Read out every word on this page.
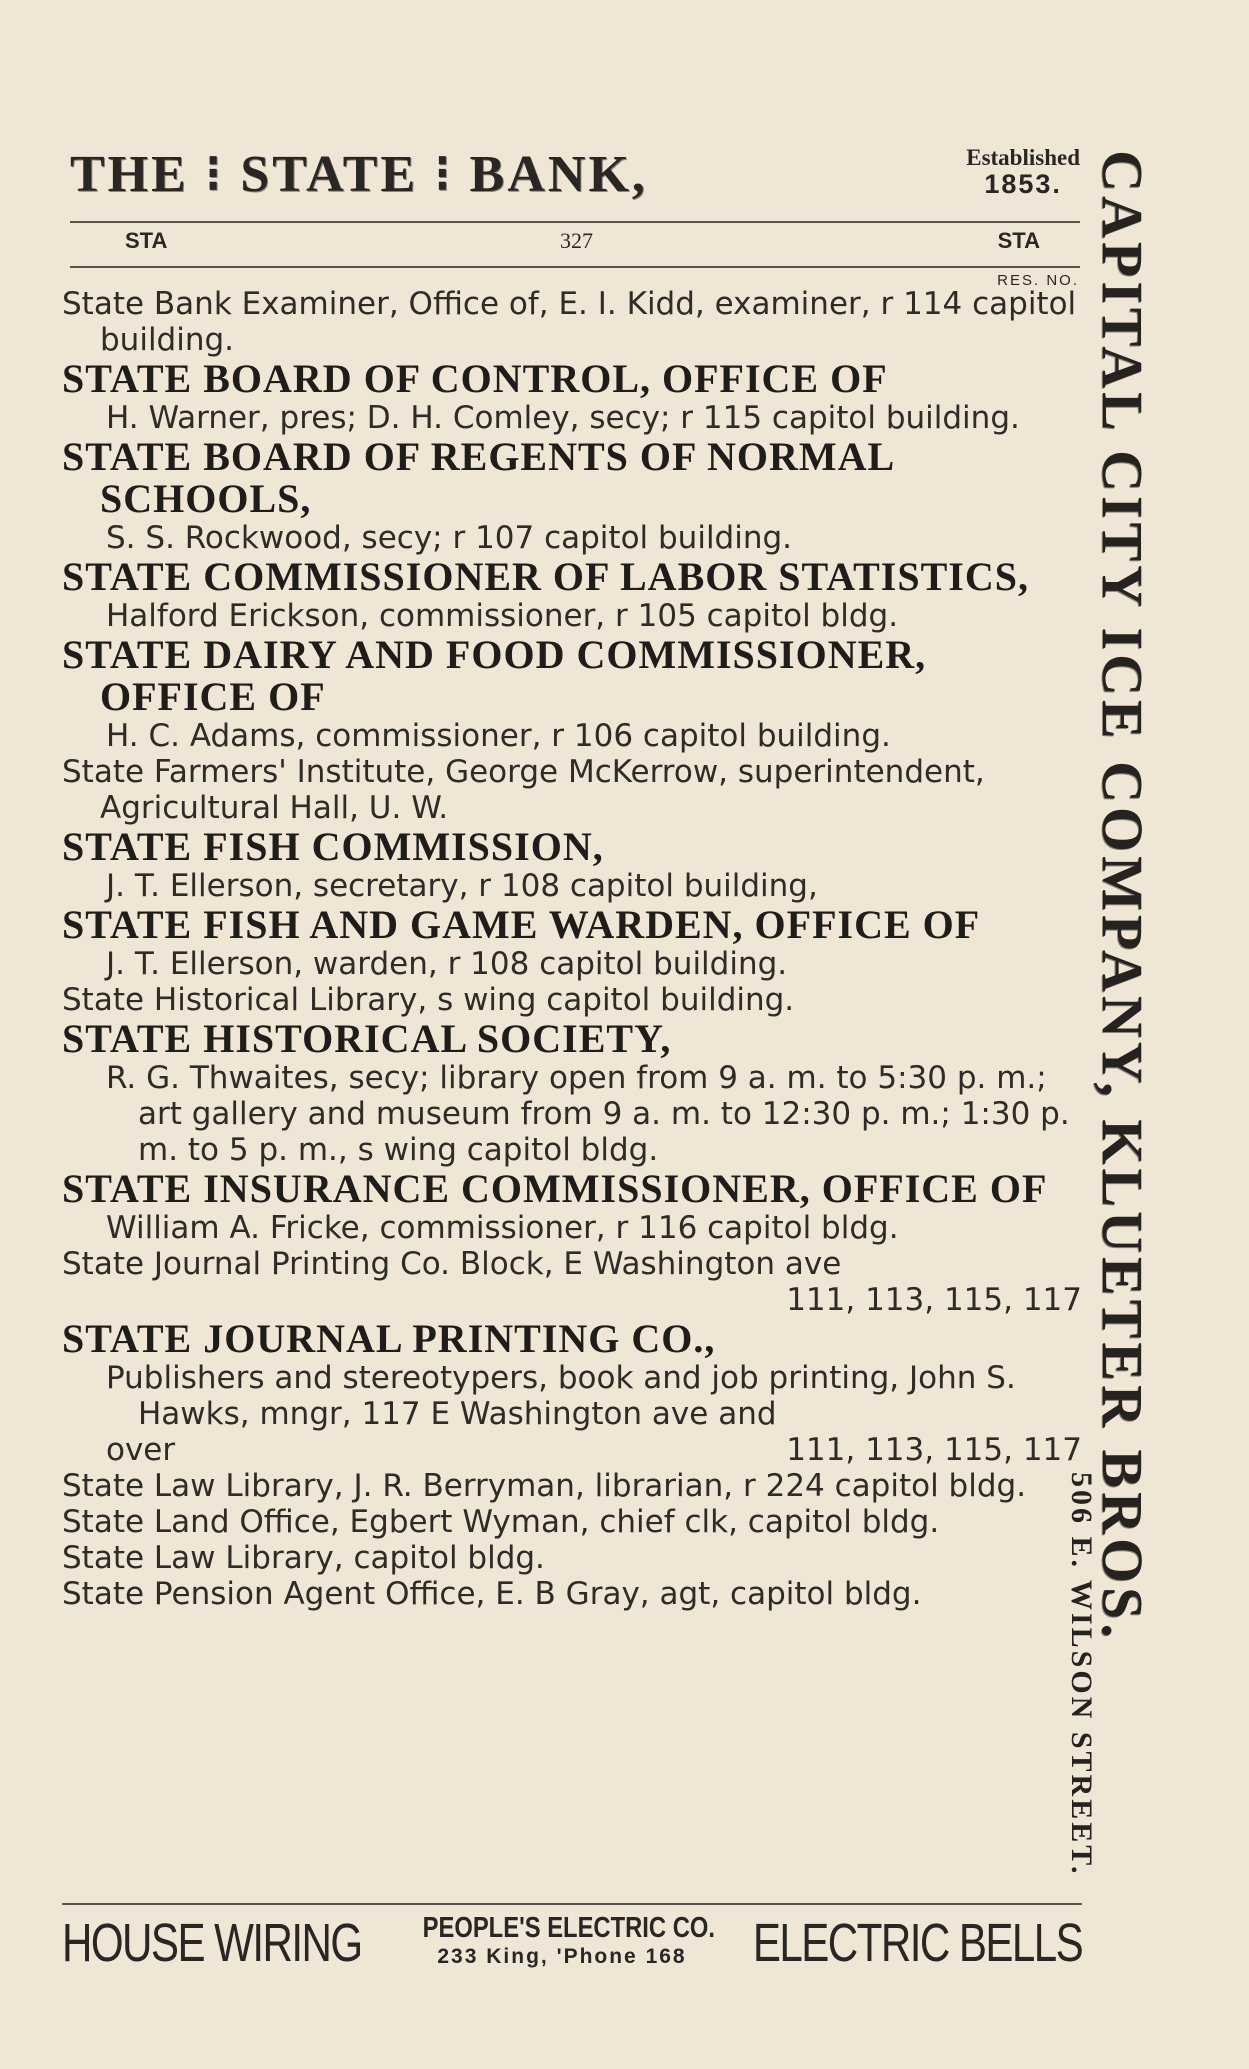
THE ⁝ STATE ⁝ BANK,	Established
1853.
STA	327	STA
RES. NO.

State Bank Examiner, Office of, E. I. Kidd, examiner, r 114 capitol building.

STATE BOARD OF CONTROL, OFFICE OF

H. Warner, pres; D. H. Comley, secy; r 115 capitol building.

STATE BOARD OF REGENTS OF NORMAL SCHOOLS,

S. S. Rockwood, secy; r 107 capitol building.

STATE COMMISSIONER OF LABOR STATISTICS,

Halford Erickson, commissioner, r 105 capitol bldg.

STATE DAIRY AND FOOD COMMISSIONER, OFFICE OF

H. C. Adams, commissioner, r 106 capitol building.

State Farmers' Institute, George McKerrow, superintendent, Agricultural Hall, U. W.

STATE FISH COMMISSION,

J. T. Ellerson, secretary, r 108 capitol building,

STATE FISH AND GAME WARDEN, OFFICE OF

J. T. Ellerson, warden, r 108 capitol building.

State Historical Library, s wing capitol building.

STATE HISTORICAL SOCIETY,

R. G. Thwaites, secy; library open from 9 a. m. to 5:30 p. m.; art gallery and museum from 9 a. m. to 12:30 p. m.; 1:30 p. m. to 5 p. m., s wing capitol bldg.

STATE INSURANCE COMMISSIONER, OFFICE OF

William A. Fricke, commissioner, r 116 capitol bldg.

State Journal Printing Co. Block, E Washington ave

111, 113, 115, 117

STATE JOURNAL PRINTING CO.,

Publishers and stereotypers, book and job printing, John S. Hawks, mngr, 117 E Washington ave and

over	111, 113, 115, 117

State Law Library, J. R. Berryman, librarian, r 224 capitol bldg.

State Land Office, Egbert Wyman, chief clk, capitol bldg.

State Law Library, capitol bldg.

State Pension Agent Office, E. B Gray, agt, capitol bldg.

HOUSE WIRING PEOPLE'S ELECTRIC CO.
233 King, 'Phone 168	ELECTRIC BELLS
CAPITAL CITY ICE COMPANY, KLUETER BROS.
506 E. WILSON STREET.
